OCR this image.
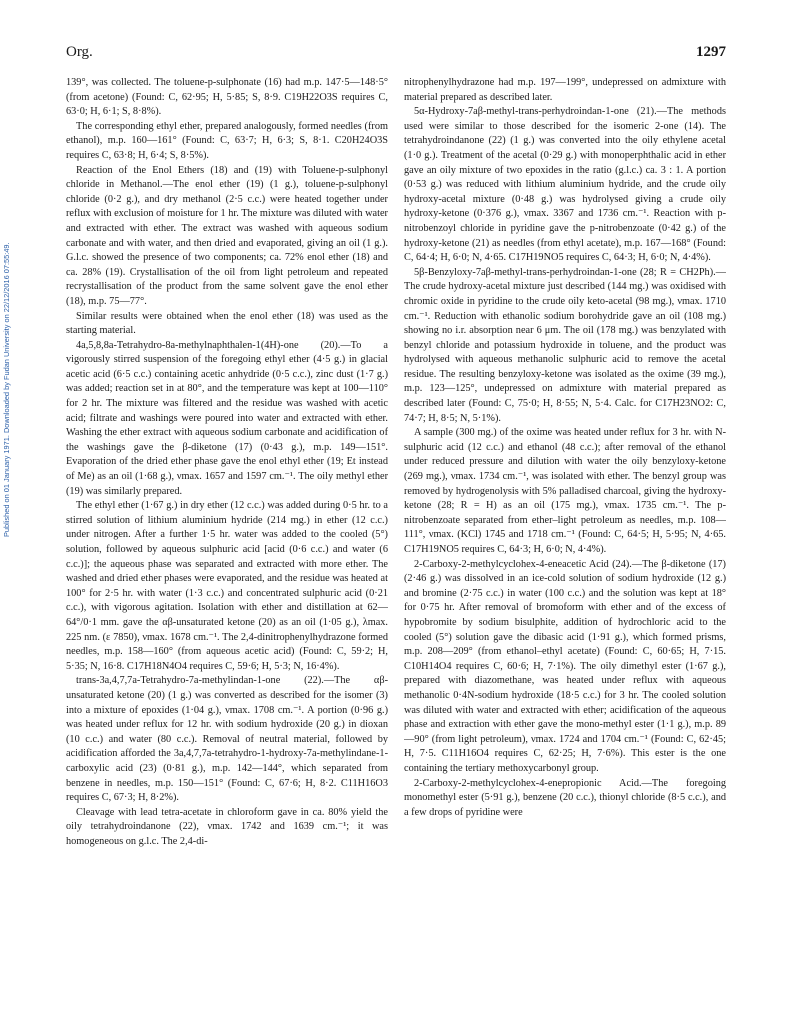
Org.	1297
Published on 01 January 1971. Downloaded by Fudan University on 22/12/2016 07:55:49.

139°, was collected. The toluene-p-sulphonate (16) had m.p. 147·5—148·5° (from acetone) (Found: C, 62·95; H, 5·85; S, 8·9. C19H22O3S requires C, 63·0; H, 6·1; S, 8·8%).

The corresponding ethyl ether, prepared analogously, formed needles (from ethanol), m.p. 160—161° (Found: C, 63·7; H, 6·3; S, 8·1. C20H24O3S requires C, 63·8; H, 6·4; S, 8·5%).

Reaction of the Enol Ethers (18) and (19) with Toluene-p-sulphonyl chloride in Methanol.—The enol ether (19) (1 g.), toluene-p-sulphonyl chloride (0·2 g.), and dry methanol (2·5 c.c.) were heated together under reflux with exclusion of moisture for 1 hr. The mixture was diluted with water and extracted with ether. The extract was washed with aqueous sodium carbonate and with water, and then dried and evaporated, giving an oil (1 g.). G.l.c. showed the presence of two components; ca. 72% enol ether (18) and ca. 28% (19). Crystallisation of the oil from light petroleum and repeated recrystallisation of the product from the same solvent gave the enol ether (18), m.p. 75—77°.

Similar results were obtained when the enol ether (18) was used as the starting material.

4a,5,8,8a-Tetrahydro-8a-methylnaphthalen-1(4H)-one (20).—To a vigorously stirred suspension of the foregoing ethyl ether (4·5 g.) in glacial acetic acid (6·5 c.c.) containing acetic anhydride (0·5 c.c.), zinc dust (1·7 g.) was added; reaction set in at 80°, and the temperature was kept at 100—110° for 2 hr. The mixture was filtered and the residue was washed with acetic acid; filtrate and washings were poured into water and extracted with ether. Washing the ether extract with aqueous sodium carbonate and acidification of the washings gave the β-diketone (17) (0·43 g.), m.p. 149—151°. Evaporation of the dried ether phase gave the enol ethyl ether (19; Et instead of Me) as an oil (1·68 g.), νmax. 1657 and 1597 cm.⁻¹. The oily methyl ether (19) was similarly prepared.

The ethyl ether (1·67 g.) in dry ether (12 c.c.) was added during 0·5 hr. to a stirred solution of lithium aluminium hydride (214 mg.) in ether (12 c.c.) under nitrogen. After a further 1·5 hr. water was added to the cooled (5°) solution, followed by aqueous sulphuric acid [acid (0·6 c.c.) and water (6 c.c.)]; the aqueous phase was separated and extracted with more ether. The washed and dried ether phases were evaporated, and the residue was heated at 100° for 2·5 hr. with water (1·3 c.c.) and concentrated sulphuric acid (0·21 c.c.), with vigorous agitation. Isolation with ether and distillation at 62—64°/0·1 mm. gave the αβ-unsaturated ketone (20) as an oil (1·05 g.), λmax. 225 nm. (ε 7850), νmax. 1678 cm.⁻¹. The 2,4-dinitrophenylhydrazone formed needles, m.p. 158—160° (from aqueous acetic acid) (Found: C, 59·2; H, 5·35; N, 16·8. C17H18N4O4 requires C, 59·6; H, 5·3; N, 16·4%).

trans-3a,4,7,7a-Tetrahydro-7a-methylindan-1-one (22).—The αβ-unsaturated ketone (20) (1 g.) was converted as described for the isomer (3) into a mixture of epoxides (1·04 g.), νmax. 1708 cm.⁻¹. A portion (0·96 g.) was heated under reflux for 12 hr. with sodium hydroxide (20 g.) in dioxan (10 c.c.) and water (80 c.c.). Removal of neutral material, followed by acidification afforded the 3a,4,7,7a-tetrahydro-1-hydroxy-7a-methylindane-1-carboxylic acid (23) (0·81 g.), m.p. 142—144°, which separated from benzene in needles, m.p. 150—151° (Found: C, 67·6; H, 8·2. C11H16O3 requires C, 67·3; H, 8·2%).

Cleavage with lead tetra-acetate in chloroform gave in ca. 80% yield the oily tetrahydroindanone (22), νmax. 1742 and 1639 cm.⁻¹; it was homogeneous on g.l.c. The 2,4-di-

nitrophenylhydrazone had m.p. 197—199°, undepressed on admixture with material prepared as described later.

5α-Hydroxy-7aβ-methyl-trans-perhydroindan-1-one (21).—The methods used were similar to those described for the isomeric 2-one (14). The tetrahydroindanone (22) (1 g.) was converted into the oily ethylene acetal (1·0 g.). Treatment of the acetal (0·29 g.) with monoperphthalic acid in ether gave an oily mixture of two epoxides in the ratio (g.l.c.) ca. 3 : 1. A portion (0·53 g.) was reduced with lithium aluminium hydride, and the crude oily hydroxy-acetal mixture (0·48 g.) was hydrolysed giving a crude oily hydroxy-ketone (0·376 g.), νmax. 3367 and 1736 cm.⁻¹. Reaction with p-nitrobenzoyl chloride in pyridine gave the p-nitrobenzoate (0·42 g.) of the hydroxy-ketone (21) as needles (from ethyl acetate), m.p. 167—168° (Found: C, 64·4; H, 6·0; N, 4·65. C17H19NO5 requires C, 64·3; H, 6·0; N, 4·4%).

5β-Benzyloxy-7aβ-methyl-trans-perhydroindan-1-one (28; R = CH2Ph).—The crude hydroxy-acetal mixture just described (144 mg.) was oxidised with chromic oxide in pyridine to the crude oily keto-acetal (98 mg.), νmax. 1710 cm.⁻¹. Reduction with ethanolic sodium borohydride gave an oil (108 mg.) showing no i.r. absorption near 6 μm. The oil (178 mg.) was benzylated with benzyl chloride and potassium hydroxide in toluene, and the product was hydrolysed with aqueous methanolic sulphuric acid to remove the acetal residue. The resulting benzyloxy-ketone was isolated as the oxime (39 mg.), m.p. 123—125°, undepressed on admixture with material prepared as described later (Found: C, 75·0; H, 8·55; N, 5·4. Calc. for C17H23NO2: C, 74·7; H, 8·5; N, 5·1%).

A sample (300 mg.) of the oxime was heated under reflux for 3 hr. with N-sulphuric acid (12 c.c.) and ethanol (48 c.c.); after removal of the ethanol under reduced pressure and dilution with water the oily benzyloxy-ketone (269 mg.), νmax. 1734 cm.⁻¹, was isolated with ether. The benzyl group was removed by hydrogenolysis with 5% palladised charcoal, giving the hydroxy-ketone (28; R = H) as an oil (175 mg.), νmax. 1735 cm.⁻¹. The p-nitrobenzoate separated from ether–light petroleum as needles, m.p. 108—111°, νmax. (KCl) 1745 and 1718 cm.⁻¹ (Found: C, 64·5; H, 5·95; N, 4·65. C17H19NO5 requires C, 64·3; H, 6·0; N, 4·4%).

2-Carboxy-2-methylcyclohex-4-eneacetic Acid (24).—The β-diketone (17) (2·46 g.) was dissolved in an ice-cold solution of sodium hydroxide (12 g.) and bromine (2·75 c.c.) in water (100 c.c.) and the solution was kept at 18° for 0·75 hr. After removal of bromoform with ether and of the excess of hypobromite by sodium bisulphite, addition of hydrochloric acid to the cooled (5°) solution gave the dibasic acid (1·91 g.), which formed prisms, m.p. 208—209° (from ethanol–ethyl acetate) (Found: C, 60·65; H, 7·15. C10H14O4 requires C, 60·6; H, 7·1%). The oily dimethyl ester (1·67 g.), prepared with diazomethane, was heated under reflux with aqueous methanolic 0·4N-sodium hydroxide (18·5 c.c.) for 3 hr. The cooled solution was diluted with water and extracted with ether; acidification of the aqueous phase and extraction with ether gave the mono-methyl ester (1·1 g.), m.p. 89—90° (from light petroleum), νmax. 1724 and 1704 cm.⁻¹ (Found: C, 62·45; H, 7·5. C11H16O4 requires C, 62·25; H, 7·6%). This ester is the one containing the tertiary methoxycarbonyl group.

2-Carboxy-2-methylcyclohex-4-enepropionic Acid.—The foregoing monomethyl ester (5·91 g.), benzene (20 c.c.), thionyl chloride (8·5 c.c.), and a few drops of pyridine were
